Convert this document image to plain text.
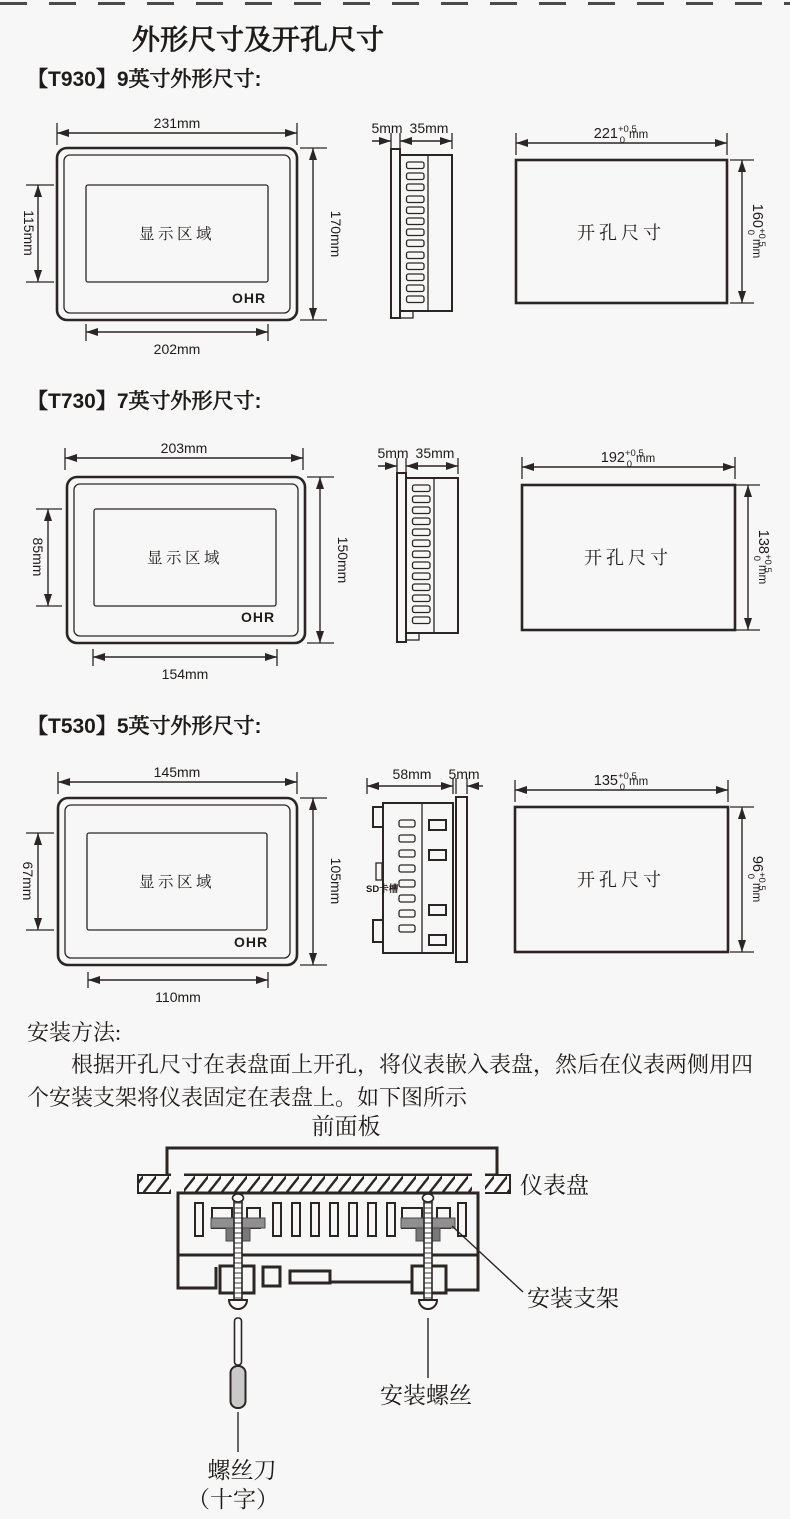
外形尺寸及开孔尺寸
【T930】9英寸外形尺寸:
【T730】7英寸外形尺寸:
【T530】5英寸外形尺寸:
231mm
显示区域
OHR
202mm
115mm	170mm
5mm 35mm	$221^{+0.5}$ 0 $^{mm}$
开孔尺寸
$160^{+0.5}0^{mm}$
203mm
显示区域
OHR
154mm
85mm	150mm
5mm 35mm	$192^{+0.5}$ 0 $^{mm}$
开孔尺寸
$138^{+0.5}0^{mm}$
145mm
显示区域
OHR
110mm
67mm	105mm
58mm 5mm
SD卡槽
$135^{+0.5}$ 0 $^{mm}$
开孔尺寸
$96^{+0.5}0^{mm}$
安装方法:
根据开孔尺寸在表盘面上开孔，将仪表嵌入表盘，然后在仪表两侧用四个安装支架将仪表固定在表盘上。如下图所示
前面板
仪表盘
安装支架
安装螺丝
螺丝刀
（十字）
